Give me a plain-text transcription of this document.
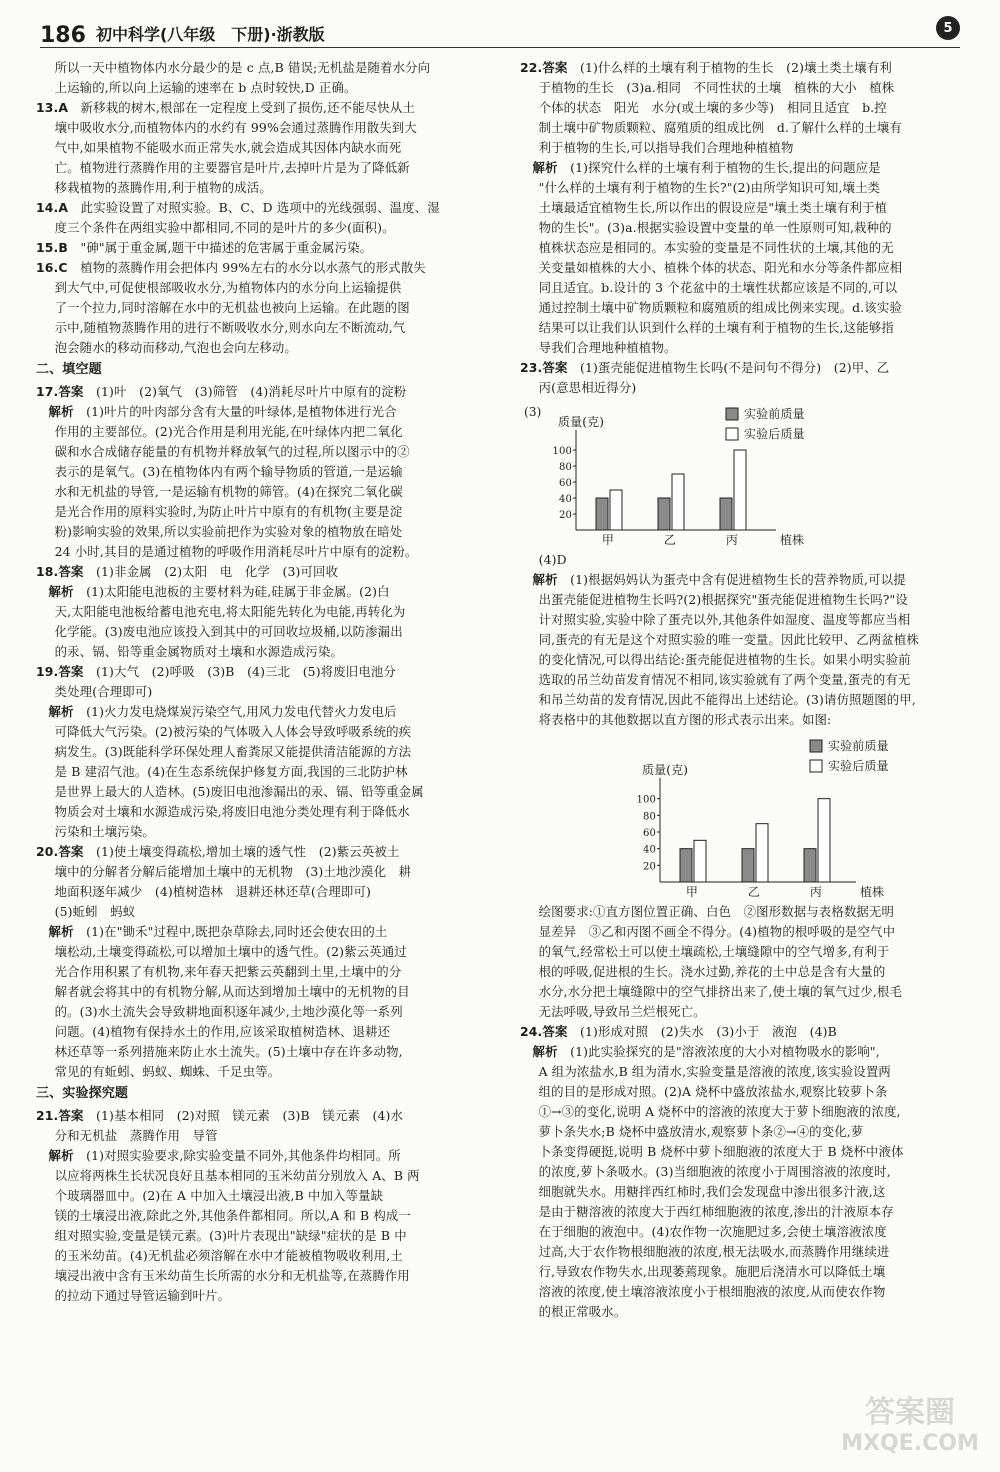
186 初中科学(八年级　下册)·浙教版	5
所以一天中植物体内水分最少的是 c 点,B 错误;无机盐是随着水分向
上运输的,所以向上运输的速率在 b 点时较快,D 正确。
13.A　新移栽的树木,根部在一定程度上受到了损伤,还不能尽快从土
壤中吸收水分,而植物体内的水约有 99%会通过蒸腾作用散失到大
气中,如果植物不能吸水而正常失水,就会造成其因体内缺水而死
亡。植物进行蒸腾作用的主要器官是叶片,去掉叶片是为了降低新
移栽植物的蒸腾作用,利于植物的成活。
14.A　此实验设置了对照实验。B、C、D 选项中的光线强弱、温度、湿
度三个条件在两组实验中都相同,不同的是叶片的多少(面积)。
15.B　"砷"属于重金属,题干中描述的危害属于重金属污染。
16.C　植物的蒸腾作用会把体内 99%左右的水分以水蒸气的形式散失
到大气中,可促使根部吸收水分,为植物体内的水分向上运输提供
了一个拉力,同时溶解在水中的无机盐也被向上运输。在此题的图
示中,随植物蒸腾作用的进行不断吸收水分,则水向左不断流动,气
泡会随水的移动而移动,气泡也会向左移动。
二、填空题
17.答案　(1)叶　(2)氧气　(3)筛管　(4)消耗尽叶片中原有的淀粉
　解析　(1)叶片的叶肉部分含有大量的叶绿体,是植物体进行光合
作用的主要部位。(2)光合作用是利用光能,在叶绿体内把二氧化
碳和水合成储存能量的有机物并释放氧气的过程,所以图示中的②
表示的是氧气。(3)在植物体内有两个输导物质的管道,一是运输
水和无机盐的导管,一是运输有机物的筛管。(4)在探究二氧化碳
是光合作用的原料实验时,为防止叶片中原有的有机物(主要是淀
粉)影响实验的效果,所以实验前把作为实验对象的植物放在暗处
24 小时,其目的是通过植物的呼吸作用消耗尽叶片中原有的淀粉。
18.答案　(1)非金属　(2)太阳　电　化学　(3)可回收
　解析　(1)太阳能电池板的主要材料为硅,硅属于非金属。(2)白
天,太阳能电池板给蓄电池充电,将太阳能先转化为电能,再转化为
化学能。(3)废电池应该投入到其中的可回收垃圾桶,以防渗漏出
的汞、镉、铅等重金属物质对土壤和水源造成污染。
19.答案　(1)大气　(2)呼吸　(3)B　(4)三北　(5)将废旧电池分
类处理(合理即可)
　解析　(1)火力发电烧煤炭污染空气,用风力发电代替火力发电后
可降低大气污染。(2)被污染的气体吸入人体会导致呼吸系统的疾
病发生。(3)既能科学环保处理人畜粪尿又能提供清洁能源的方法
是 B 建沼气池。(4)在生态系统保护修复方面,我国的三北防护林
是世界上最大的人造林。(5)废旧电池渗漏出的汞、镉、铅等重金属
物质会对土壤和水源造成污染,将废旧电池分类处理有利于降低水
污染和土壤污染。
20.答案　(1)使土壤变得疏松,增加土壤的透气性　(2)紫云英被土
壤中的分解者分解后能增加土壤中的无机物　(3)土地沙漠化　耕
地面积逐年减少　(4)植树造林　退耕还林还草(合理即可)
(5)蚯蚓　蚂蚁
　解析　(1)在"锄禾"过程中,既把杂草除去,同时还会使农田的土
壤松动,土壤变得疏松,可以增加土壤中的透气性。(2)紫云英通过
光合作用积累了有机物,来年春天把紫云英翻到土里,土壤中的分
解者就会将其中的有机物分解,从而达到增加土壤中的无机物的目
的。(3)水土流失会导致耕地面积逐年减少,土地沙漠化等一系列
问题。(4)植物有保持水土的作用,应该采取植树造林、退耕还
林还草等一系列措施来防止水土流失。(5)土壤中存在许多动物,
常见的有蚯蚓、蚂蚁、蜘蛛、千足虫等。
三、实验探究题
21.答案　(1)基本相同　(2)对照　镁元素　(3)B　镁元素　(4)水
分和无机盐　蒸腾作用　导管
　解析　(1)对照实验要求,除实验变量不同外,其他条件均相同。所
以应将两株生长状况良好且基本相同的玉米幼苗分别放入 A、B 两
个玻璃器皿中。(2)在 A 中加入土壤浸出液,B 中加入等量缺
镁的土壤浸出液,除此之外,其他条件都相同。所以,A 和 B 构成一
组对照实验,变量是镁元素。(3)叶片表现出"缺绿"症状的是 B 中
的玉米幼苗。(4)无机盐必须溶解在水中才能被植物吸收利用,土
壤浸出液中含有玉米幼苗生长所需的水分和无机盐等,在蒸腾作用
的拉动下通过导管运输到叶片。
22.答案　(1)什么样的土壤有利于植物的生长　(2)壤土类土壤有利
于植物的生长　(3)a.相同　不同性状的土壤　植株的大小　植株
个体的状态　阳光　水分(或土壤的多少等)　相同且适宜　b.控
制土壤中矿物质颗粒、腐殖质的组成比例　d.了解什么样的土壤有
利于植物的生长,可以指导我们合理地种植植物
　解析　(1)探究什么样的土壤有利于植物的生长,提出的问题应是
"什么样的土壤有利于植物的生长?"(2)由所学知识可知,壤土类
土壤最适宜植物生长,所以作出的假设应是"壤土类土壤有利于植
物的生长"。(3)a.根据实验设置中变量的单一性原则可知,栽种的
植株状态应是相同的。本实验的变量是不同性状的土壤,其他的无
关变量如植株的大小、植株个体的状态、阳光和水分等条件都应相
同且适宜。b.设计的 3 个花盆中的土壤性状都应该是不同的,可以
通过控制土壤中矿物质颗粒和腐殖质的组成比例来实现。d.该实验
结果可以让我们认识到什么样的土壤有利于植物的生长,这能够指
导我们合理地种植植物。
23.答案　(1)蛋壳能促进植物生长吗(不是问句不得分)　(2)甲、乙
丙(意思相近得分)
(3)
质量(克)
实验前质量
实验后质量
20
40
60
80
100
甲	乙	丙	植株
(4)D
　解析　(1)根据妈妈认为蛋壳中含有促进植物生长的营养物质,可以提
出蛋壳能促进植物生长吗?(2)根据探究"蛋壳能促进植物生长吗?"设
计对照实验,实验中除了蛋壳以外,其他条件如湿度、温度等都应当相
同,蛋壳的有无是这个对照实验的唯一变量。因此比较甲、乙两盆植株
的变化情况,可以得出结论:蛋壳能促进植物的生长。如果小明实验前
选取的吊兰幼苗发育情况不相同,该实验就有了两个变量,蛋壳的有无
和吊兰幼苗的发育情况,因此不能得出上述结论。(3)请仿照题图的甲,
将表格中的其他数据以直方图的形式表示出来。如图:
质量(克)
实验前质量
实验后质量
20
40
60
80
100
甲	乙	丙	植株
绘图要求:①直方图位置正确、白色　②图形数据与表格数据无明
显差异　③乙和丙图不画全不得分。(4)植物的根呼吸的是空气中
的氧气,经常松土可以使土壤疏松,土壤缝隙中的空气增多,有利于
根的呼吸,促进根的生长。浇水过勤,养花的土中总是含有大量的
水分,水分把土壤缝隙中的空气排挤出来了,使土壤的氧气过少,根毛
无法呼吸,导致吊兰烂根死亡。
24.答案　(1)形成对照　(2)失水　(3)小于　液泡　(4)B
　解析　(1)此实验探究的是"溶液浓度的大小对植物吸水的影响",
A 组为浓盐水,B 组为清水,实验变量是溶液的浓度,该实验设置两
组的目的是形成对照。(2)A 烧杯中盛放浓盐水,观察比较萝卜条
①→③的变化,说明 A 烧杯中的溶液的浓度大于萝卜细胞液的浓度,
萝卜条失水;B 烧杯中盛放清水,观察萝卜条②→④的变化,萝
卜条变得硬挺,说明 B 烧杯中萝卜细胞液的浓度大于 B 烧杯中液体
的浓度,萝卜条吸水。(3)当细胞液的浓度小于周围溶液的浓度时,
细胞就失水。用糖拌西红柿时,我们会发现盘中渗出很多汁液,这
是由于糖溶液的浓度大于西红柿细胞液的浓度,渗出的汁液原本存
在于细胞的液泡中。(4)农作物一次施肥过多,会使土壤溶液浓度
过高,大于农作物根细胞液的浓度,根无法吸水,而蒸腾作用继续进
行,导致农作物失水,出现萎蔫现象。施肥后浇清水可以降低土壤
溶液的浓度,使土壤溶液浓度小于根细胞液的浓度,从而使农作物
的根正常吸水。
答案圈
MXQE.COM
